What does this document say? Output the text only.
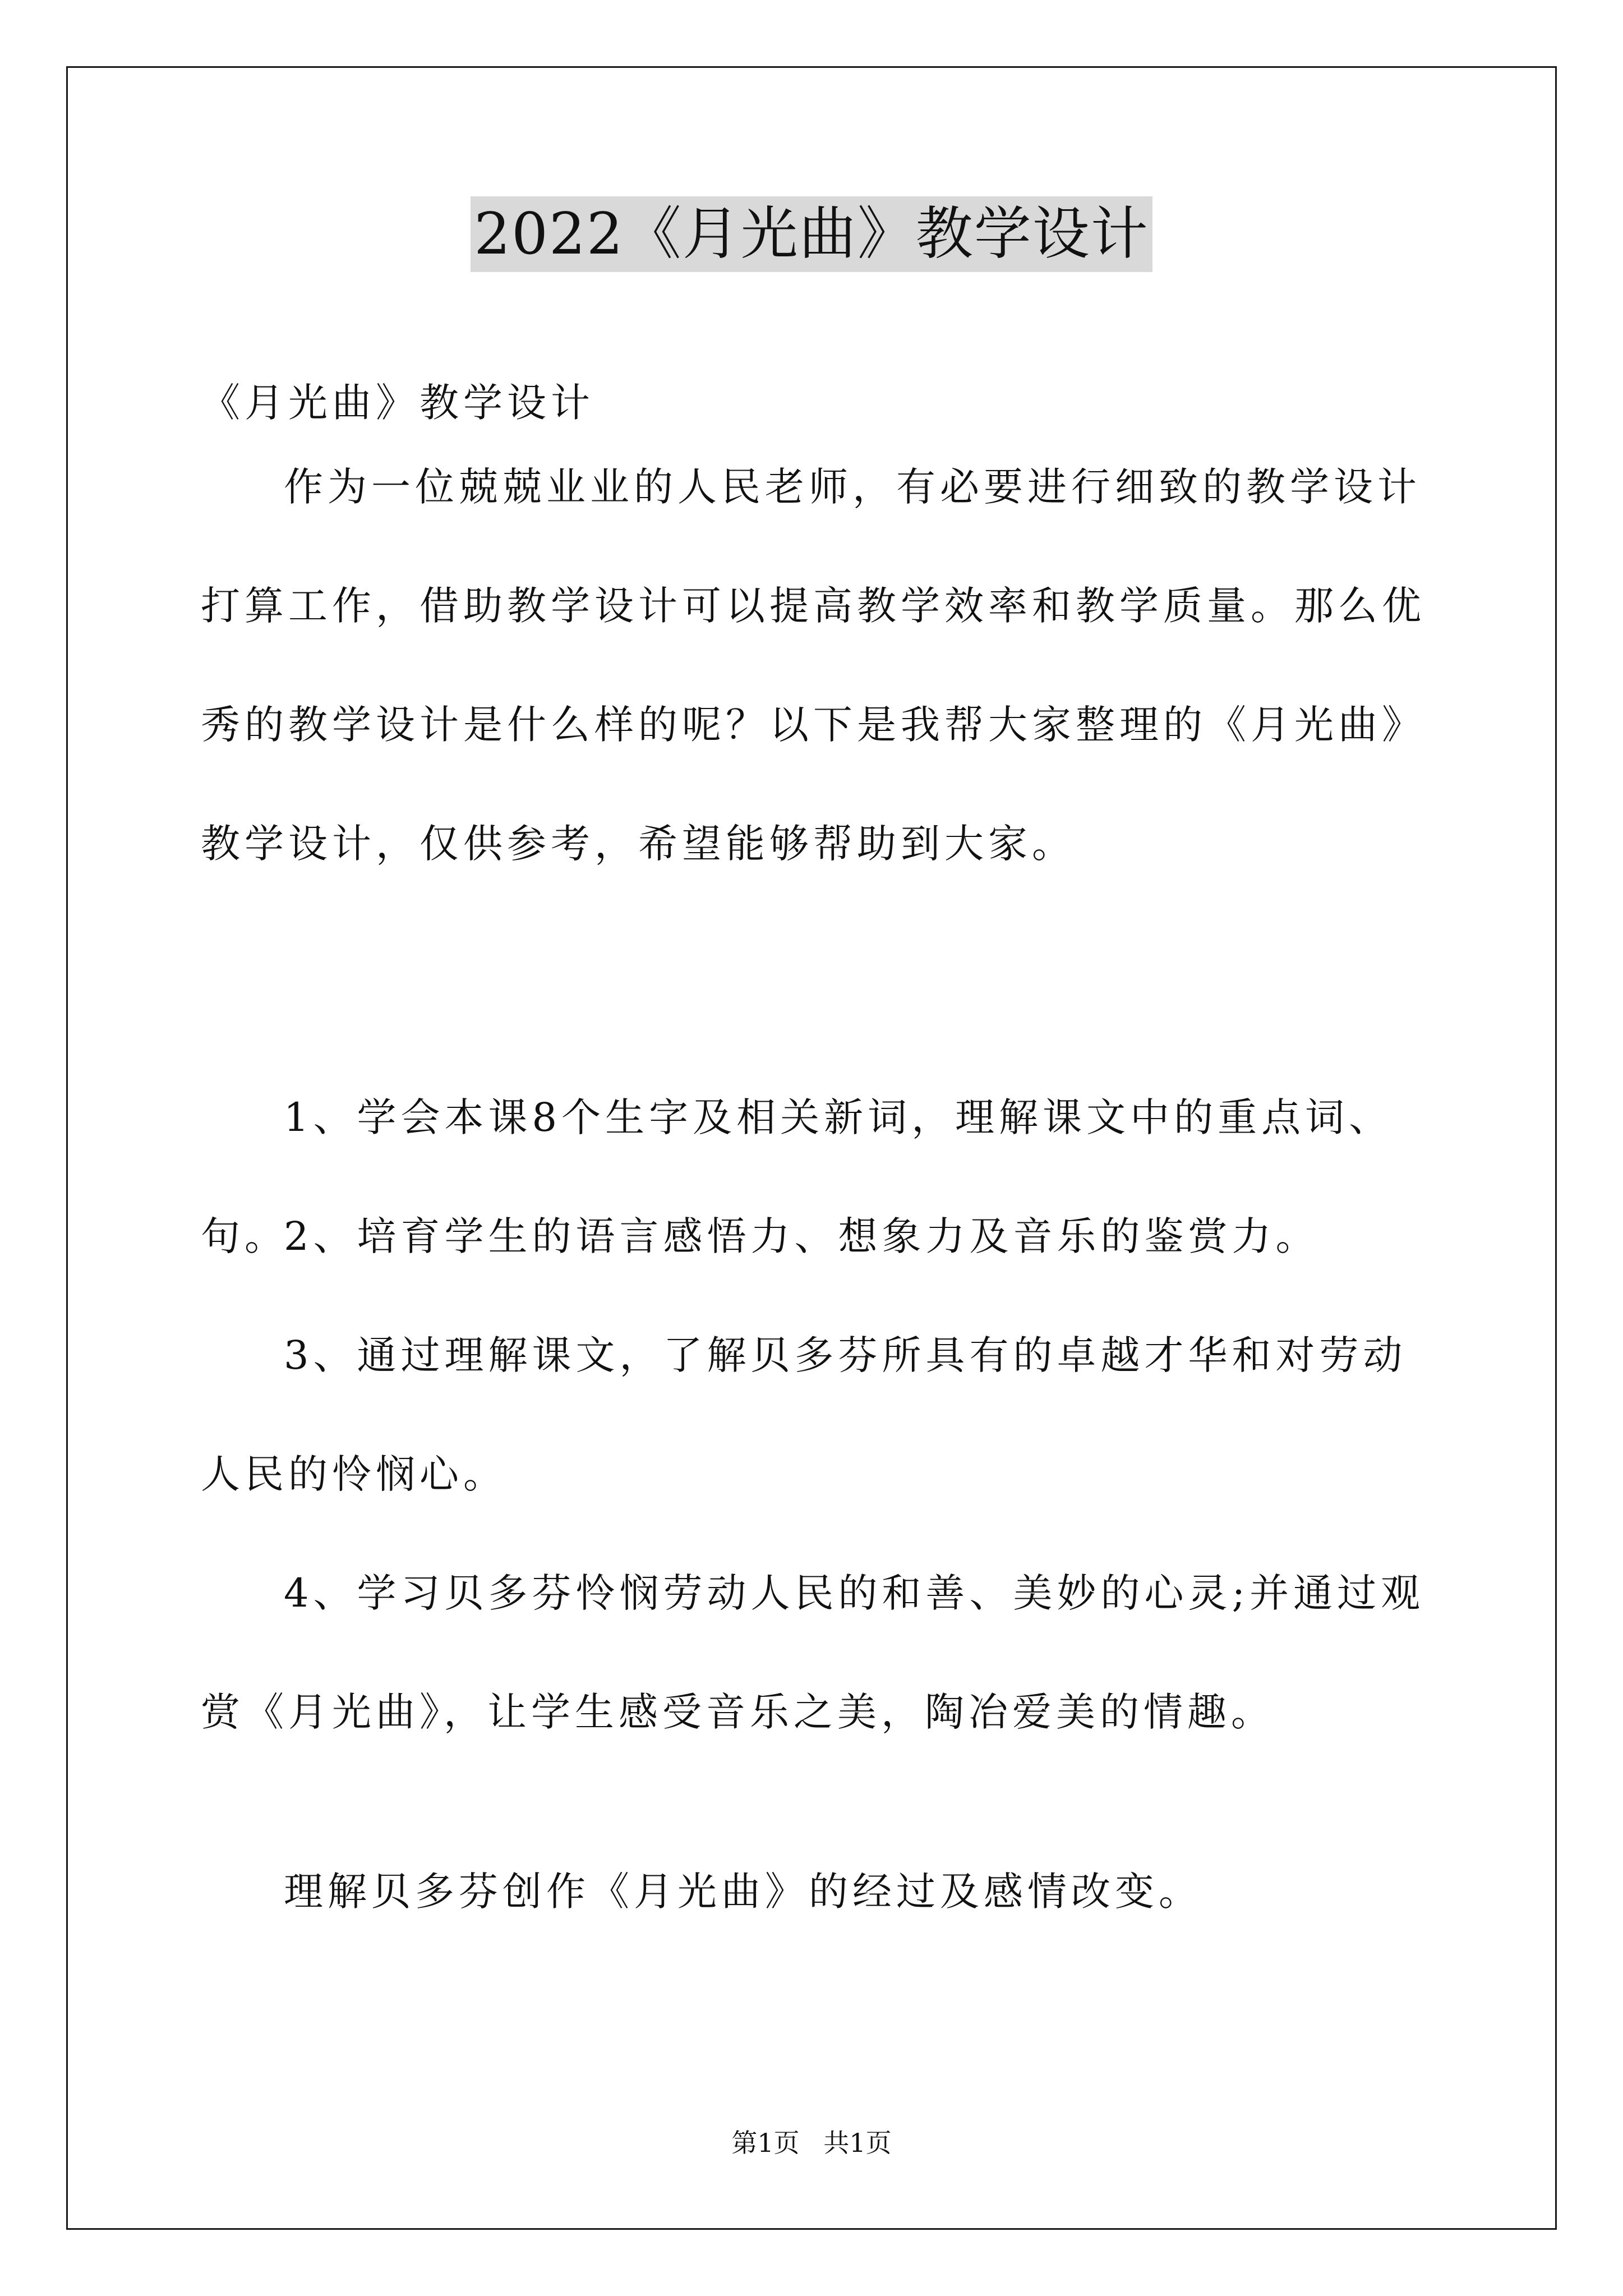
2022《月光曲》教学设计

《月光曲》教学设计

作为一位兢兢业业的人民老师，有必要进行细致的教学设计打算工作，借助教学设计可以提高教学效率和教学质量。那么优秀的教学设计是什么样的呢？以下是我帮大家整理的《月光曲》教学设计，仅供参考，希望能够帮助到大家。

1、学会本课8个生字及相关新词，理解课文中的重点词、句。

2、培育学生的语言感悟力、想象力及音乐的鉴赏力。

3、通过理解课文，了解贝多芬所具有的卓越才华和对劳动人民的怜悯心。

4、学习贝多芬怜悯劳动人民的和善、美妙的心灵;并通过观赏《月光曲》，让学生感受音乐之美，陶冶爱美的情趣。

理解贝多芬创作《月光曲》的经过及感情改变。

第1页 共1页
